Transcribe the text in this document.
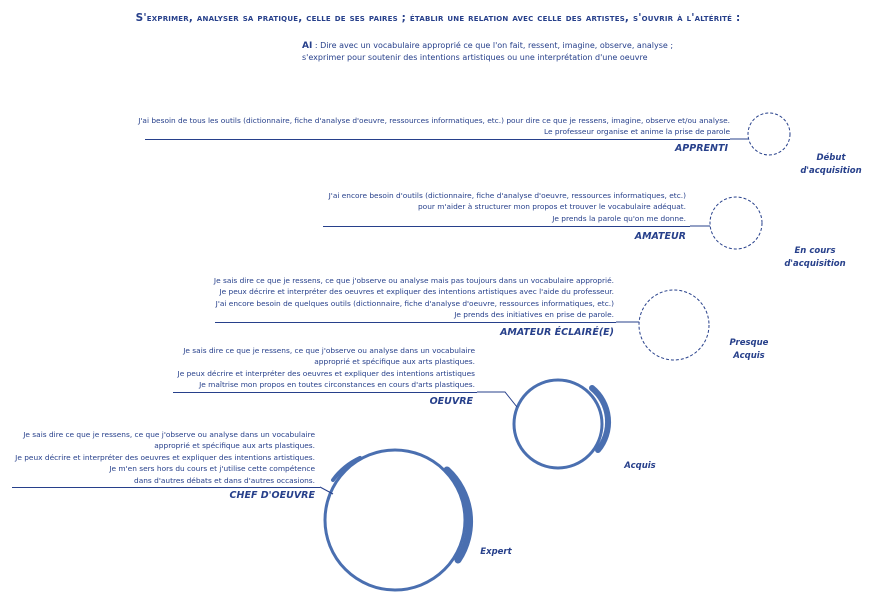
S'exprimer, analyser sa pratique, celle de ses paires ; établir une relation avec celle des artistes, s'ouvrir à l'altérité :
AI : Dire avec un vocabulaire approprié ce que l'on fait, ressent, imagine, observe, analyse ;
s'exprimer pour soutenir des intentions artistiques ou une interprétation d'une oeuvre
J'ai besoin de tous les outils (dictionnaire, fiche d'analyse d'oeuvre, ressources informatiques, etc.) pour dire ce que je ressens, imagine, observe et/ou analyse.
Le professeur organise et anime la prise de parole
APPRENTI
Début
d'acquisition
J'ai encore besoin d'outils (dictionnaire, fiche d'analyse d'oeuvre, ressources informatiques, etc.)
pour m'aider à structurer mon propos et trouver le vocabulaire adéquat.
Je prends la parole qu'on me donne.
AMATEUR
En cours
d'acquisition
Je sais dire ce que je ressens, ce que j'observe ou analyse mais pas toujours dans un vocabulaire approprié.
Je peux décrire et interpréter des oeuvres et expliquer des intentions artistiques avec l'aide du professeur.
J'ai encore besoin de quelques outils (dictionnaire, fiche d'analyse d'oeuvre, ressources informatiques, etc.)
Je prends des initiatives en prise de parole.
AMATEUR ÉCLAIRÉ(E)
Presque
Acquis
Je sais dire ce que je ressens, ce que j'observe ou analyse dans un vocabulaire
approprié et spécifique aux arts plastiques.
Je peux décrire et interpréter des oeuvres et expliquer des intentions artistiques
Je maîtrise mon propos en toutes circonstances en cours d'arts plastiques.
OEUVRE
Acquis
Je sais dire ce que je ressens, ce que j'observe ou analyse dans un vocabulaire
approprié et spécifique aux arts plastiques.
Je peux décrire et interpréter des oeuvres et expliquer des intentions artistiques.
Je m'en sers hors du cours et j'utilise cette compétence
dans d'autres débats et dans d'autres occasions.
CHEF D'OEUVRE
Expert
